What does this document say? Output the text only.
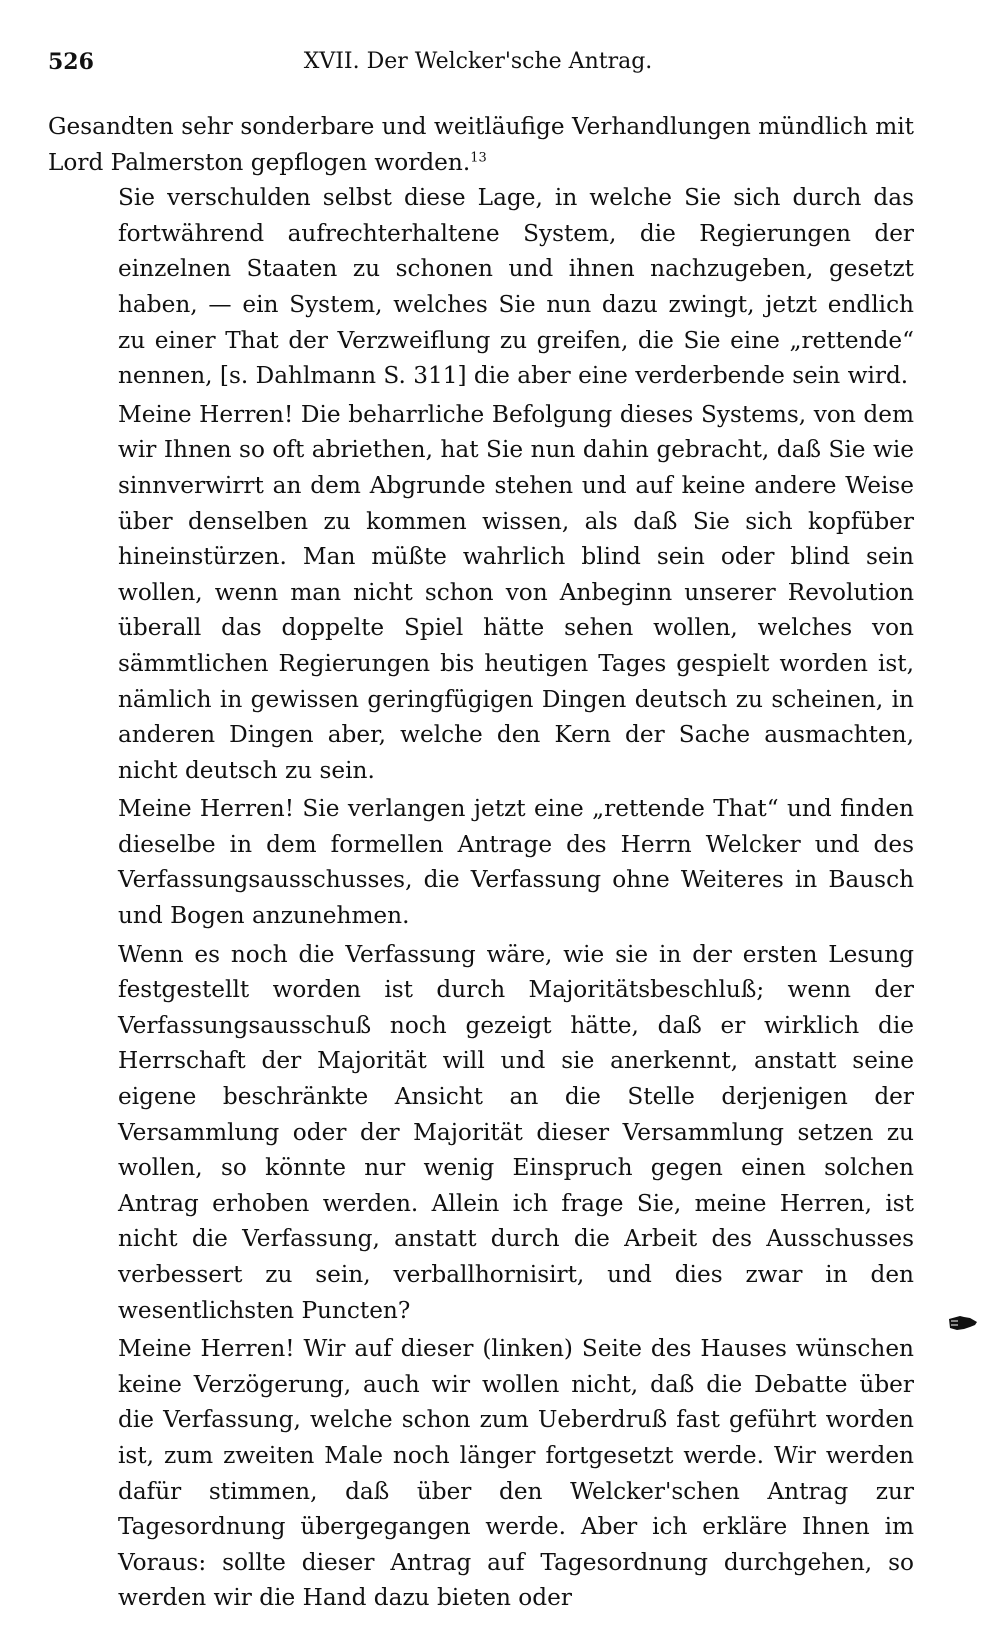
526	XVII. Der Welcker'sche Antrag.

Gesandten sehr sonderbare und weitläufige Verhandlungen mündlich mit Lord Palmerston gepflogen worden.$^{13}$

Sie verschulden selbst diese Lage, in welche Sie sich durch das fortwährend aufrechterhaltene System, die Regierungen der einzelnen Staaten zu schonen und ihnen nachzugeben, gesetzt haben, — ein System, welches Sie nun dazu zwingt, jetzt endlich zu einer That der Verzweiflung zu greifen, die Sie eine „rettende“ nennen, [s. Dahlmann S. 311] die aber eine verderbende sein wird.

Meine Herren! Die beharrliche Befolgung dieses Systems, von dem wir Ihnen so oft abriethen, hat Sie nun dahin gebracht, daß Sie wie sinnverwirrt an dem Abgrunde stehen und auf keine andere Weise über denselben zu kommen wissen, als daß Sie sich kopfüber hineinstürzen. Man müßte wahrlich blind sein oder blind sein wollen, wenn man nicht schon von Anbeginn unserer Revolution überall das doppelte Spiel hätte sehen wollen, welches von sämmtlichen Regierungen bis heutigen Tages gespielt worden ist, nämlich in gewissen geringfügigen Dingen deutsch zu scheinen, in anderen Dingen aber, welche den Kern der Sache ausmachten, nicht deutsch zu sein.

Meine Herren! Sie verlangen jetzt eine „rettende That“ und finden dieselbe in dem formellen Antrage des Herrn Welcker und des Verfassungsausschusses, die Verfassung ohne Weiteres in Bausch und Bogen anzunehmen.

Wenn es noch die Verfassung wäre, wie sie in der ersten Lesung festgestellt worden ist durch Majoritätsbeschluß; wenn der Verfassungsausschuß noch gezeigt hätte, daß er wirklich die Herrschaft der Majorität will und sie anerkennt, anstatt seine eigene beschränkte Ansicht an die Stelle derjenigen der Versammlung oder der Majorität dieser Versammlung setzen zu wollen, so könnte nur wenig Einspruch gegen einen solchen Antrag erhoben werden. Allein ich frage Sie, meine Herren, ist nicht die Verfassung, anstatt durch die Arbeit des Ausschusses verbessert zu sein, verballhornisirt, und dies zwar in den wesentlichsten Puncten?

Meine Herren! Wir auf dieser (linken) Seite des Hauses wünschen keine Verzögerung, auch wir wollen nicht, daß die Debatte über die Verfassung, welche schon zum Ueberdruß fast geführt worden ist, zum zweiten Male noch länger fortgesetzt werde. Wir werden dafür stimmen, daß über den Welcker'schen Antrag zur Tagesordnung übergegangen werde. Aber ich erkläre Ihnen im Voraus: sollte dieser Antrag auf Tagesordnung durchgehen, so werden wir die Hand dazu bieten oder
